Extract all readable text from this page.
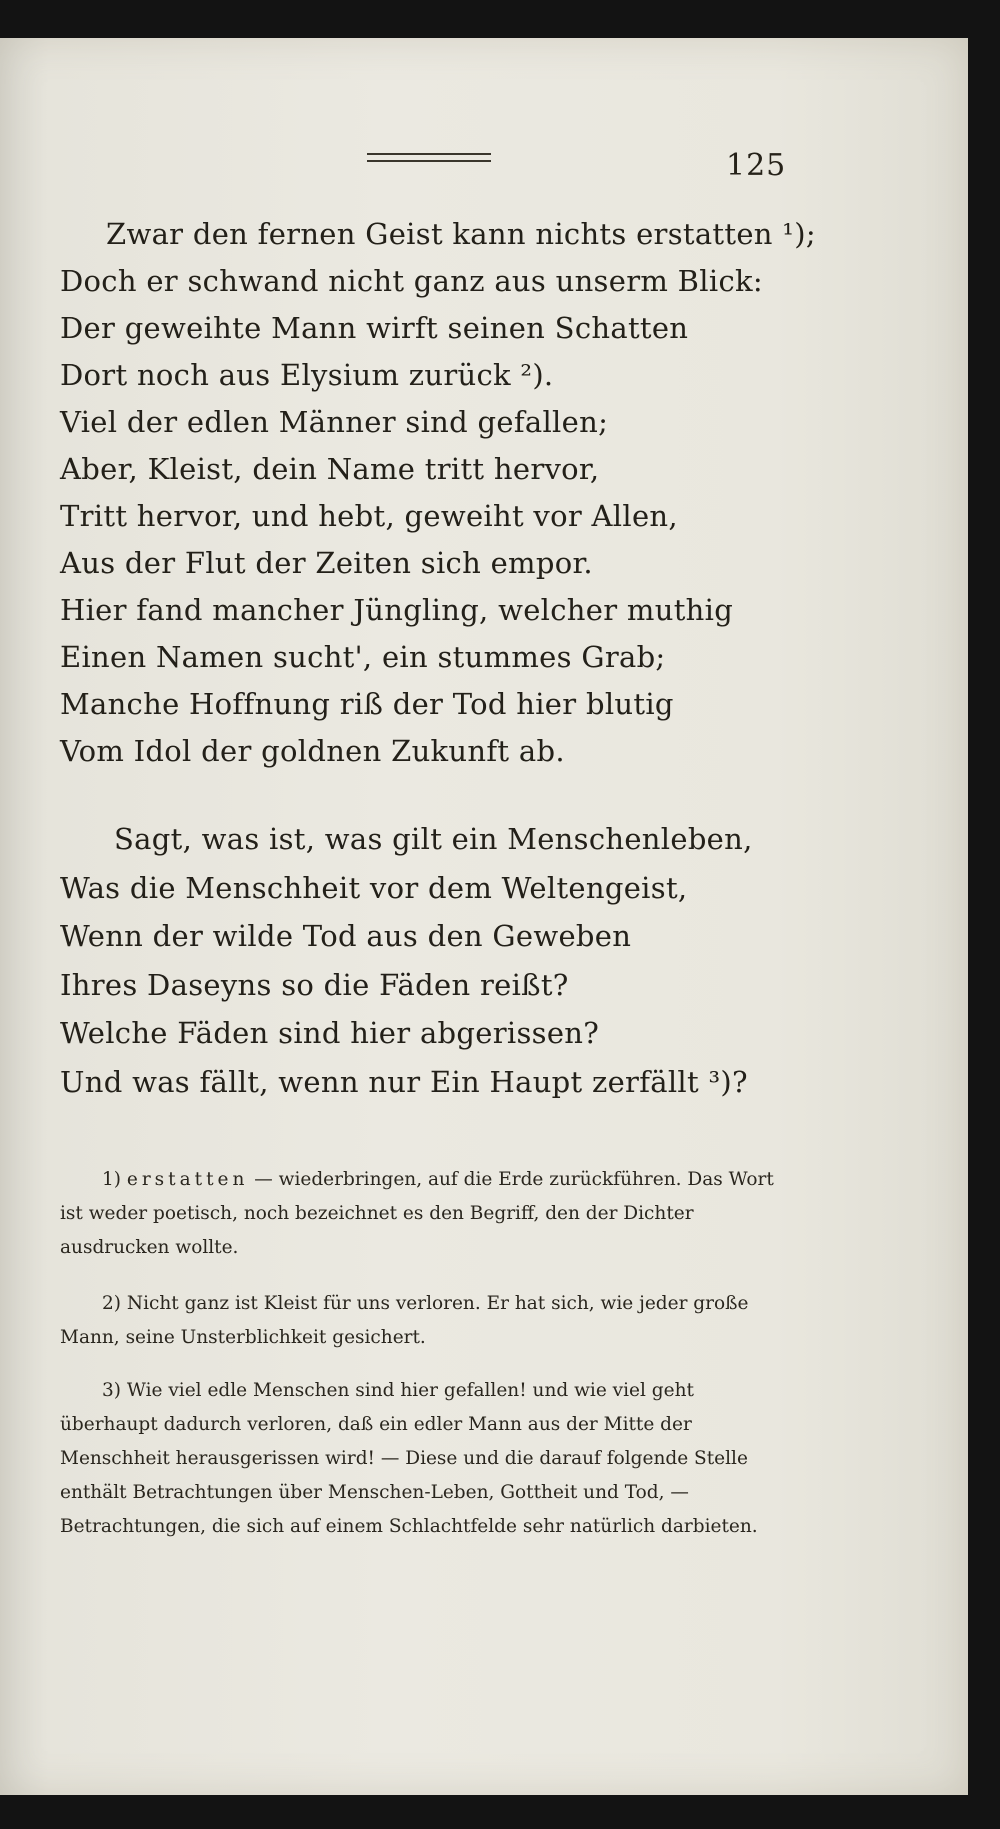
125
Zwar den fernen Geist kann nichts erstatten ¹);
Doch er schwand nicht ganz aus unserm Blick:
Der geweihte Mann wirft seinen Schatten
Dort noch aus Elysium zurück ²).
Viel der edlen Männer sind gefallen;
Aber, Kleist, dein Name tritt hervor,
Tritt hervor, und hebt, geweiht vor Allen,
Aus der Flut der Zeiten sich empor.
Hier fand mancher Jüngling, welcher muthig
Einen Namen sucht', ein stummes Grab;
Manche Hoffnung riß der Tod hier blutig
Vom Idol der goldnen Zukunft ab.
Sagt, was ist, was gilt ein Menschenleben,
Was die Menschheit vor dem Weltengeist,
Wenn der wilde Tod aus den Geweben
Ihres Daseyns so die Fäden reißt?
Welche Fäden sind hier abgerissen?
Und was fällt, wenn nur Ein Haupt zerfällt ³)?

1) erstatten — wiederbringen, auf die Erde zurückführen. Das Wort ist weder poetisch, noch bezeichnet es den Begriff, den der Dichter ausdrucken wollte.

2) Nicht ganz ist Kleist für uns verloren. Er hat sich, wie jeder große Mann, seine Unsterblichkeit gesichert.

3) Wie viel edle Menschen sind hier gefallen! und wie viel geht überhaupt dadurch verloren, daß ein edler Mann aus der Mitte der Menschheit herausgerissen wird! — Diese und die darauf folgende Stelle enthält Betrachtungen über Menschen-Leben, Gottheit und Tod, — Betrachtungen, die sich auf einem Schlachtfelde sehr natürlich darbieten.
